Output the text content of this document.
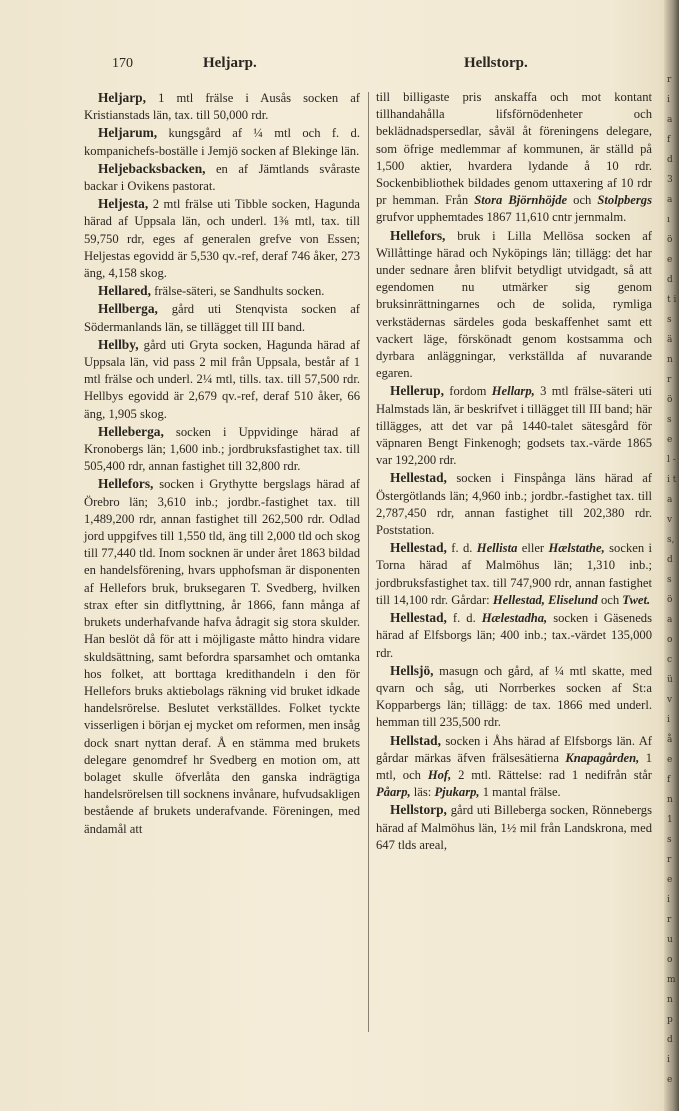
r i a f d 3 a ı ö e d t i s ä n r ö s e l - i t a v s, d s ö a o c ü v i å e f n 1 s r e i r u o m n p d i e
170	Heljarp.	Hellstorp.

Heljarp, 1 mtl frälse i Ausås socken af Kristianstads län, tax. till 50,000 rdr.

Heljarum, kungsgård af ¼ mtl och f. d. kompanichefs-boställe i Jemjö socken af Blekinge län.

Heljebacksbacken, en af Jämtlands svåraste backar i Ovikens pastorat.

Heljesta, 2 mtl frälse uti Tibble socken, Hagunda härad af Uppsala län, och underl. 1⅜ mtl, tax. till 59,750 rdr, eges af generalen grefve von Essen; Heljestas egovidd är 5,530 qv.-ref, deraf 746 åker, 273 äng, 4,158 skog.

Hellared, frälse-säteri, se Sandhults socken.

Hellberga, gård uti Stenqvista socken af Södermanlands län, se tillägget till III band.

Hellby, gård uti Gryta socken, Hagunda härad af Uppsala län, vid pass 2 mil från Uppsala, består af 1 mtl frälse och underl. 2¼ mtl, tills. tax. till 57,500 rdr. Hellbys egovidd är 2,679 qv.-ref, deraf 510 åker, 66 äng, 1,905 skog.

Helleberga, socken i Uppvidinge härad af Kronobergs län; 1,600 inb.; jordbruksfastighet tax. till 505,400 rdr, annan fastighet till 32,800 rdr.

Hellefors, socken i Grythytte bergslags härad af Örebro län; 3,610 inb.; jordbr.-fastighet tax. till 1,489,200 rdr, annan fastighet till 262,500 rdr. Odlad jord uppgifves till 1,550 tld, äng till 2,000 tld och skog till 77,440 tld. Inom socknen är under året 1863 bildad en handelsförening, hvars upphofsman är disponenten af Hellefors bruk, bruksegaren T. Svedberg, hvilken strax efter sin ditflyttning, år 1866, fann många af brukets underhafvande hafva ådragit sig stora skulder. Han beslöt då för att i möjligaste måtto hindra vidare skuldsättning, samt befordra sparsamhet och omtanka hos folket, att borttaga kredithandeln i den för Hellefors bruks aktiebolags räkning vid bruket idkade handelsrörelse. Beslutet verkställdes. Folket tyckte visserligen i början ej mycket om reformen, men insåg dock snart nyttan deraf. Å en stämma med brukets delegare genomdref hr Svedberg en motion om, att bolaget skulle öfverlåta den ganska indrägtiga handelsrörelsen till socknens invånare, hufvudsakligen bestående af brukets underafvande. Föreningen, med ändamål att

till billigaste pris anskaffa och mot kontant tillhandahålla lifsförnödenheter och beklädnadspersedlar, såväl åt föreningens delegare, som öfrige medlemmar af kommunen, är ställd på 1,500 aktier, hvardera lydande å 10 rdr. Sockenbibliothek bildades genom uttaxering af 10 rdr pr hemman. Från Stora Björnhöjde och Stolpbergs grufvor upphemtades 1867 11,610 cntr jernmalm.

Hellefors, bruk i Lilla Mellösa socken af Willåttinge härad och Nyköpings län; tillägg: det har under sednare åren blifvit betydligt utvidgadt, så att egendomen nu utmärker sig genom bruksinrättningarnes och de solida, rymliga verkstädernas särdeles goda beskaffenhet samt ett vackert läge, förskönadt genom kostsamma och dyrbara anläggningar, verkställda af nuvarande egaren.

Hellerup, fordom Hellarp, 3 mtl frälse-säteri uti Halmstads län, är beskrifvet i tillägget till III band; här tillägges, att det var på 1440-talet sätesgård för väpnaren Bengt Finkenogh; godsets tax.-värde 1865 var 192,200 rdr.

Hellestad, socken i Finspånga läns härad af Östergötlands län; 4,960 inb.; jordbr.-fastighet tax. till 2,787,450 rdr, annan fastighet till 202,380 rdr. Poststation.

Hellestad, f. d. Hellista eller Hælstathe, socken i Torna härad af Malmöhus län; 1,310 inb.; jordbruksfastighet tax. till 747,900 rdr, annan fastighet till 14,100 rdr. Gårdar: Hellestad, Eliselund och Twet.

Hellestad, f. d. Hælestadha, socken i Gäseneds härad af Elfsborgs län; 400 inb.; tax.-värdet 135,000 rdr.

Hellsjö, masugn och gård, af ¼ mtl skatte, med qvarn och såg, uti Norrberkes socken af St:a Kopparbergs län; tillägg: de tax. 1866 med underl. hemman till 235,500 rdr.

Hellstad, socken i Åhs härad af Elfsborgs län. Af gårdar märkas äfven frälsesätierna Knapagården, 1 mtl, och Hof, 2 mtl. Rättelse: rad 1 nedifrån står Påarp, läs: Pjukarp, 1 mantal frälse.

Hellstorp, gård uti Billeberga socken, Rönnebergs härad af Malmöhus län, 1½ mil från Landskrona, med 647 tlds areal,
